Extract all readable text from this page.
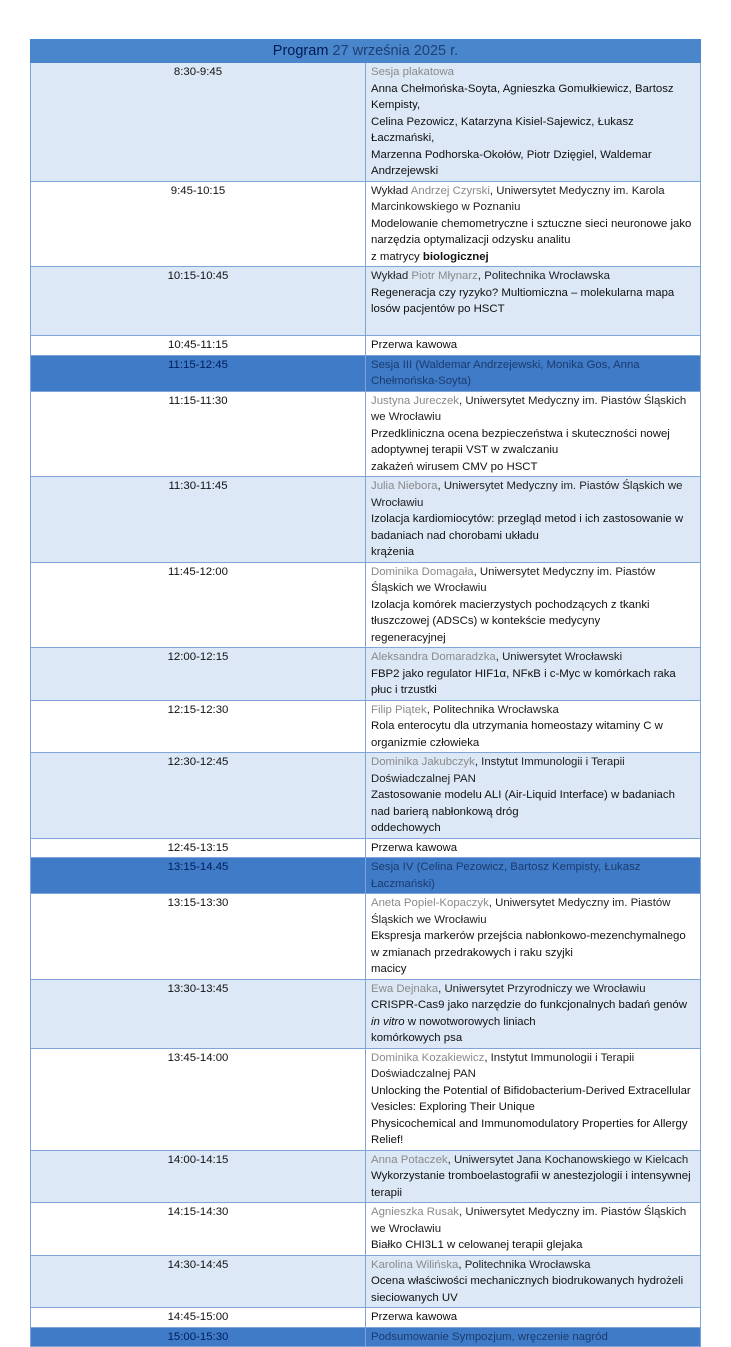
Program 27 września 2025 r.	
8:30-9:45	Sesja plakatowa
Anna Chełmońska-Soyta, Agnieszka Gomułkiewicz, Bartosz Kempisty,
Celina Pezowicz, Katarzyna Kisiel-Sajewicz, Łukasz Łaczmański,
Marzenna Podhorska-Okołów, Piotr Dzięgiel, Waldemar Andrzejewski

9:45-10:15	Wykład Andrzej Czyrski, Uniwersytet Medyczny im. Karola Marcinkowskiego w Poznaniu
Modelowanie chemometryczne i sztuczne sieci neuronowe jako narzędzia optymalizacji odzysku analitu
z matrycy biologicznej

10:15-10:45	Wykład Piotr Młynarz, Politechnika Wrocławska
Regeneracja czy ryzyko? Multiomiczna – molekularna mapa losów pacjentów po HSCT

10:45-11:15	Przerwa kawowa
11:15-12:45	Sesja III (Waldemar Andrzejewski, Monika Gos, Anna Chełmońska-Soyta)
11:15-11:30	Justyna Jureczek, Uniwersytet Medyczny im. Piastów Śląskich we Wrocławiu
Przedkliniczna ocena bezpieczeństwa i skuteczności nowej adoptywnej terapii VST w zwalczaniu
zakażeń wirusem CMV po HSCT

11:30-11:45	Julia Niebora, Uniwersytet Medyczny im. Piastów Śląskich we Wrocławiu
Izolacja kardiomiocytów: przegląd metod i ich zastosowanie w badaniach nad chorobami układu
krążenia

11:45-12:00	Dominika Domagała, Uniwersytet Medyczny im. Piastów Śląskich we Wrocławiu
Izolacja komórek macierzystych pochodzących z tkanki tłuszczowej (ADSCs) w kontekście medycyny
regeneracyjnej

12:00-12:15	Aleksandra Domaradzka, Uniwersytet Wrocławski
FBP2 jako regulator HIF1α, NFκB i c-Myc w komórkach raka płuc i trzustki

12:15-12:30	Filip Piątek, Politechnika Wrocławska
Rola enterocytu dla utrzymania homeostazy witaminy C w organizmie człowieka

12:30-12:45	Dominika Jakubczyk, Instytut Immunologii i Terapii Doświadczalnej PAN
Zastosowanie modelu ALI (Air-Liquid Interface) w badaniach nad barierą nabłonkową dróg
oddechowych

12:45-13:15	Przerwa kawowa
13:15-14.45	Sesja IV (Celina Pezowicz, Bartosz Kempisty, Łukasz Łaczmański)
13:15-13:30	Aneta Popiel-Kopaczyk, Uniwersytet Medyczny im. Piastów Śląskich we Wrocławiu
Ekspresja markerów przejścia nabłonkowo-mezenchymalnego w zmianach przedrakowych i raku szyjki
macicy

13:30-13:45	Ewa Dejnaka, Uniwersytet Przyrodniczy we Wrocławiu
CRISPR-Cas9 jako narzędzie do funkcjonalnych badań genów in vitro w nowotworowych liniach
komórkowych psa

13:45-14:00	Dominika Kozakiewicz, Instytut Immunologii i Terapii Doświadczalnej PAN
Unlocking the Potential of Bifidobacterium-Derived Extracellular Vesicles: Exploring Their Unique
Physicochemical and Immunomodulatory Properties for Allergy Relief!

14:00-14:15	Anna Potaczek, Uniwersytet Jana Kochanowskiego w Kielcach
Wykorzystanie tromboelastografii w anestezjologii i intensywnej terapii

14:15-14:30	Agnieszka Rusak, Uniwersytet Medyczny im. Piastów Śląskich we Wrocławiu
Białko CHI3L1 w celowanej terapii glejaka

14:30-14:45	Karolina Wilińska, Politechnika Wrocławska
Ocena właściwości mechanicznych biodrukowanych hydrożeli sieciowanych UV

14:45-15:00	Przerwa kawowa
15:00-15:30	Podsumowanie Sympozjum, wręczenie nagród
